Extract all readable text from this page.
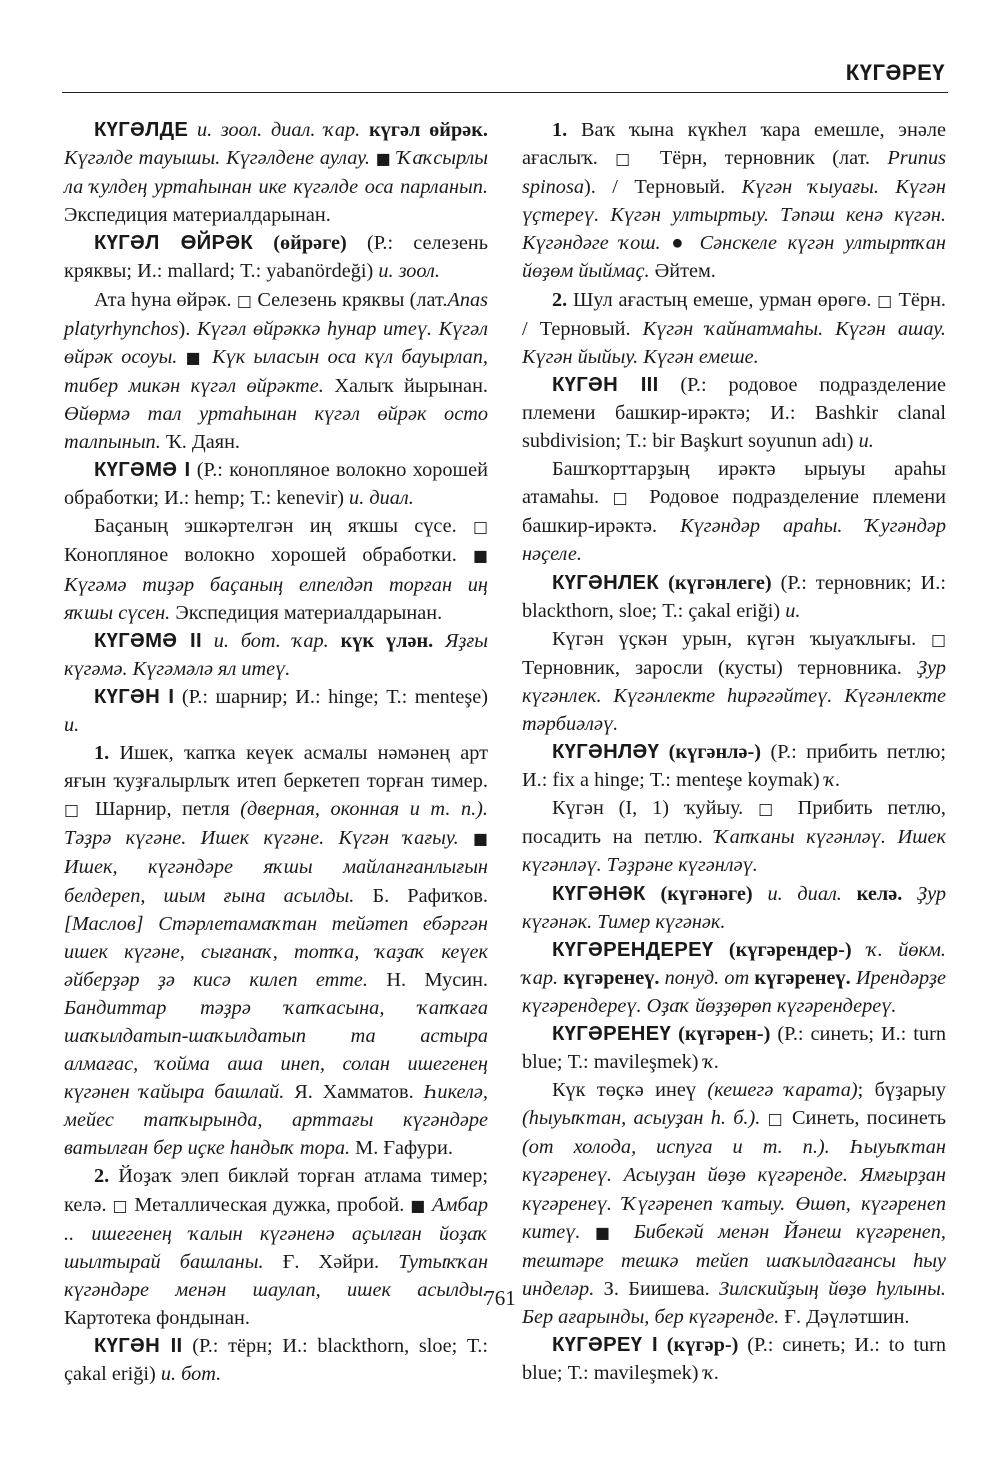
КҮГӘРЕҮ

КҮГӘЛДЕ и. зоол. диал. ҡар. күгәл өйрәк. Күгәлде тауышы. Күгәлдене аулау. ■ Ҡаҡсырлы ла ҡулдең уртаһынан ике күгәлде оса парланып. Экспедиция материалдарынан.

КҮГӘЛ ӨЙРӘК (өйрәге) (Р.: селезень кряквы; И.: mallard; Т.: yabanördeği) и. зоол.

Ата һуна өйрәк. □ Селезень кряквы (лат.Anas platyrhynchos). Күгәл өйрәккә һунар итеү. Күгәл өйрәк осоуы. ■ Күк ыласын оса күл бауырлап, тибер микән күгәл өйрәкте. Халыҡ йырынан. Өйөрмә тал уртаһынан күгәл өйрәк осто талпынып. Ҡ. Даян.

КҮГӘМӘ I (Р.: конопляное волокно хорошей обработки; И.: hemp; Т.: kenevir) и. диал.

Баҫаның эшкәртелгән иң яҡшы сүсе. □ Конопляное волокно хорошей обработки. ■ Күгәмә тиҙәр баҫаның елпелдәп торған иң яҡшы сүсен. Экспедиция материалдарынан.

КҮГӘМӘ II и. бот. ҡар. күк үлән. Яҙғы күгәмә. Күгәмәлә ял итеү.

КҮГӘН I (Р.: шарнир; И.: hinge; Т.: menteşe) и.

1. Ишек, ҡапҡа кеүек асмалы нәмәнең арт яғын ҡуҙғалырлыҡ итеп беркетеп торған тимер. □ Шарнир, петля (дверная, оконная и т. п.). Тәҙрә күгәне. Ишек күгәне. Күгән ҡағыу. ■ Ишек, күгәндәре яҡшы майланғанлығын белдереп, шым ғына асылды. Б. Рафиҡов. [Маслов] Стәрлетамаҡтан тейәтеп ебәргән ишек күгәне, сығанаҡ, тотҡа, ҡаҙаҡ кеүек әйберҙәр ҙә кисә килеп етте. Н. Мусин. Бандиттар тәҙрә ҡапҡасына, ҡапҡаға шаҡылдатып-шаҡылдатып та астыра алмағас, ҡойма аша инеп, солан ишегенең күгәнен ҡайыра башлай. Я. Хамматов. Һикелә, мейес тапҡырында, арттағы күгәндәре ватылған бер иҫке һандыҡ тора. М. Ғафури.

2. Йоҙаҡ элеп бикләй торған атлама тимер; келә. □ Металлическая дужка, пробой. ■ Амбар .. ишегенең ҡалын күгәненә аҫылған йоҙаҡ шылтырай башланы. Ғ. Хәйри. Тутыҡҡан күгәндәре менән шаулап, ишек асылды. Картотека фондынан.

КҮГӘН II (Р.: тёрн; И.: blackthorn, sloe; Т.: çakal eriği) и. бот.

1. Ваҡ ҡына күкһел ҡара емешле, энәле ағаслыҡ. □ Тёрн, терновник (лат. Prunus spinosa). / Терновый. Күгән ҡыуағы. Күгән үҫтереү. Күгән ултыртыу. Тәпәш кенә күгән. Күгәндәге ҡош. ● Сәнскеле күгән ултыртҡан йөҙөм йыймаҫ. Әйтем.

2. Шул ағастың емеше, урман өрөгө. □ Тёрн. / Терновый. Күгән ҡайнатмаһы. Күгән ашау. Күгән йыйыу. Күгән емеше.

КҮГӘН III (Р.: родовое подразделение племени башкир-ирәктә; И.: Bashkir clanal subdivision; Т.: bir Başkurt soyunun adı) и.

Башҡорттарҙың ирәктә ырыуы араһы атамаһы. □ Родовое подразделение племени башкир-ирәктә. Күгәндәр араһы. Ҡугәндәр нәҫеле.

КҮГӘНЛЕК (күгәнлеге) (Р.: терновник; И.: blackthorn, sloe; Т.: çakal eriği) и.

Күгән үҫкән урын, күгән ҡыуаҡлығы. □ Терновник, заросли (кусты) терновника. Ҙур күгәнлек. Күгәнлекте һирәгәйтеү. Күгәнлекте тәрбиәләү.

КҮГӘНЛӘҮ (күгәнлә-) (Р.: прибить петлю; И.: fix a hinge; Т.: menteşe koymak) ҡ.

Күгән (I, 1) ҡуйыу. □ Прибить петлю, посадить на петлю. Ҡапҡаны күгәнләү. Ишек күгәнләү. Тәҙрәне күгәнләү.

КҮГӘНӘК (күгәнәге) и. диал. келә. Ҙур күгәнәк. Тимер күгәнәк.

КҮГӘРЕНДЕРЕҮ (күгәрендер-) ҡ. йөкм. ҡар. күгәренеү. понуд. от күгәренеү. Ирендәрҙе күгәрендереү. Оҙаҡ йөҙҙөрөп күгәрендереү.

КҮГӘРЕНЕҮ (күгәрен-) (Р.: синеть; И.: turn blue; Т.: mavileşmek) ҡ.

Күк төҫкә инеү (кешегә ҡарата); бүҙарыу (һыуыҡтан, асыуҙан һ. б.). □ Синеть, посинеть (от холода, испуга и т. п.). Һыуыҡтан күгәренеү. Асыуҙан йөҙө күгәренде. Ямғырҙан күгәренеү. Ҡүгәренеп ҡатыу. Өшөп, күгәренеп китеү. ■ Бибекәй менән Йәнеш күгәренеп, тештәре тешкә тейеп шаҡылдағансы һыу инделәр. З. Биишева. Зилскийҙың йөҙө һулыны. Бер ағарынды, бер күгәренде. Ғ. Дәүләтшин.

КҮГӘРЕҮ I (күгәр-) (Р.: синеть; И.: to turn blue; Т.: mavileşmek) ҡ.

761
